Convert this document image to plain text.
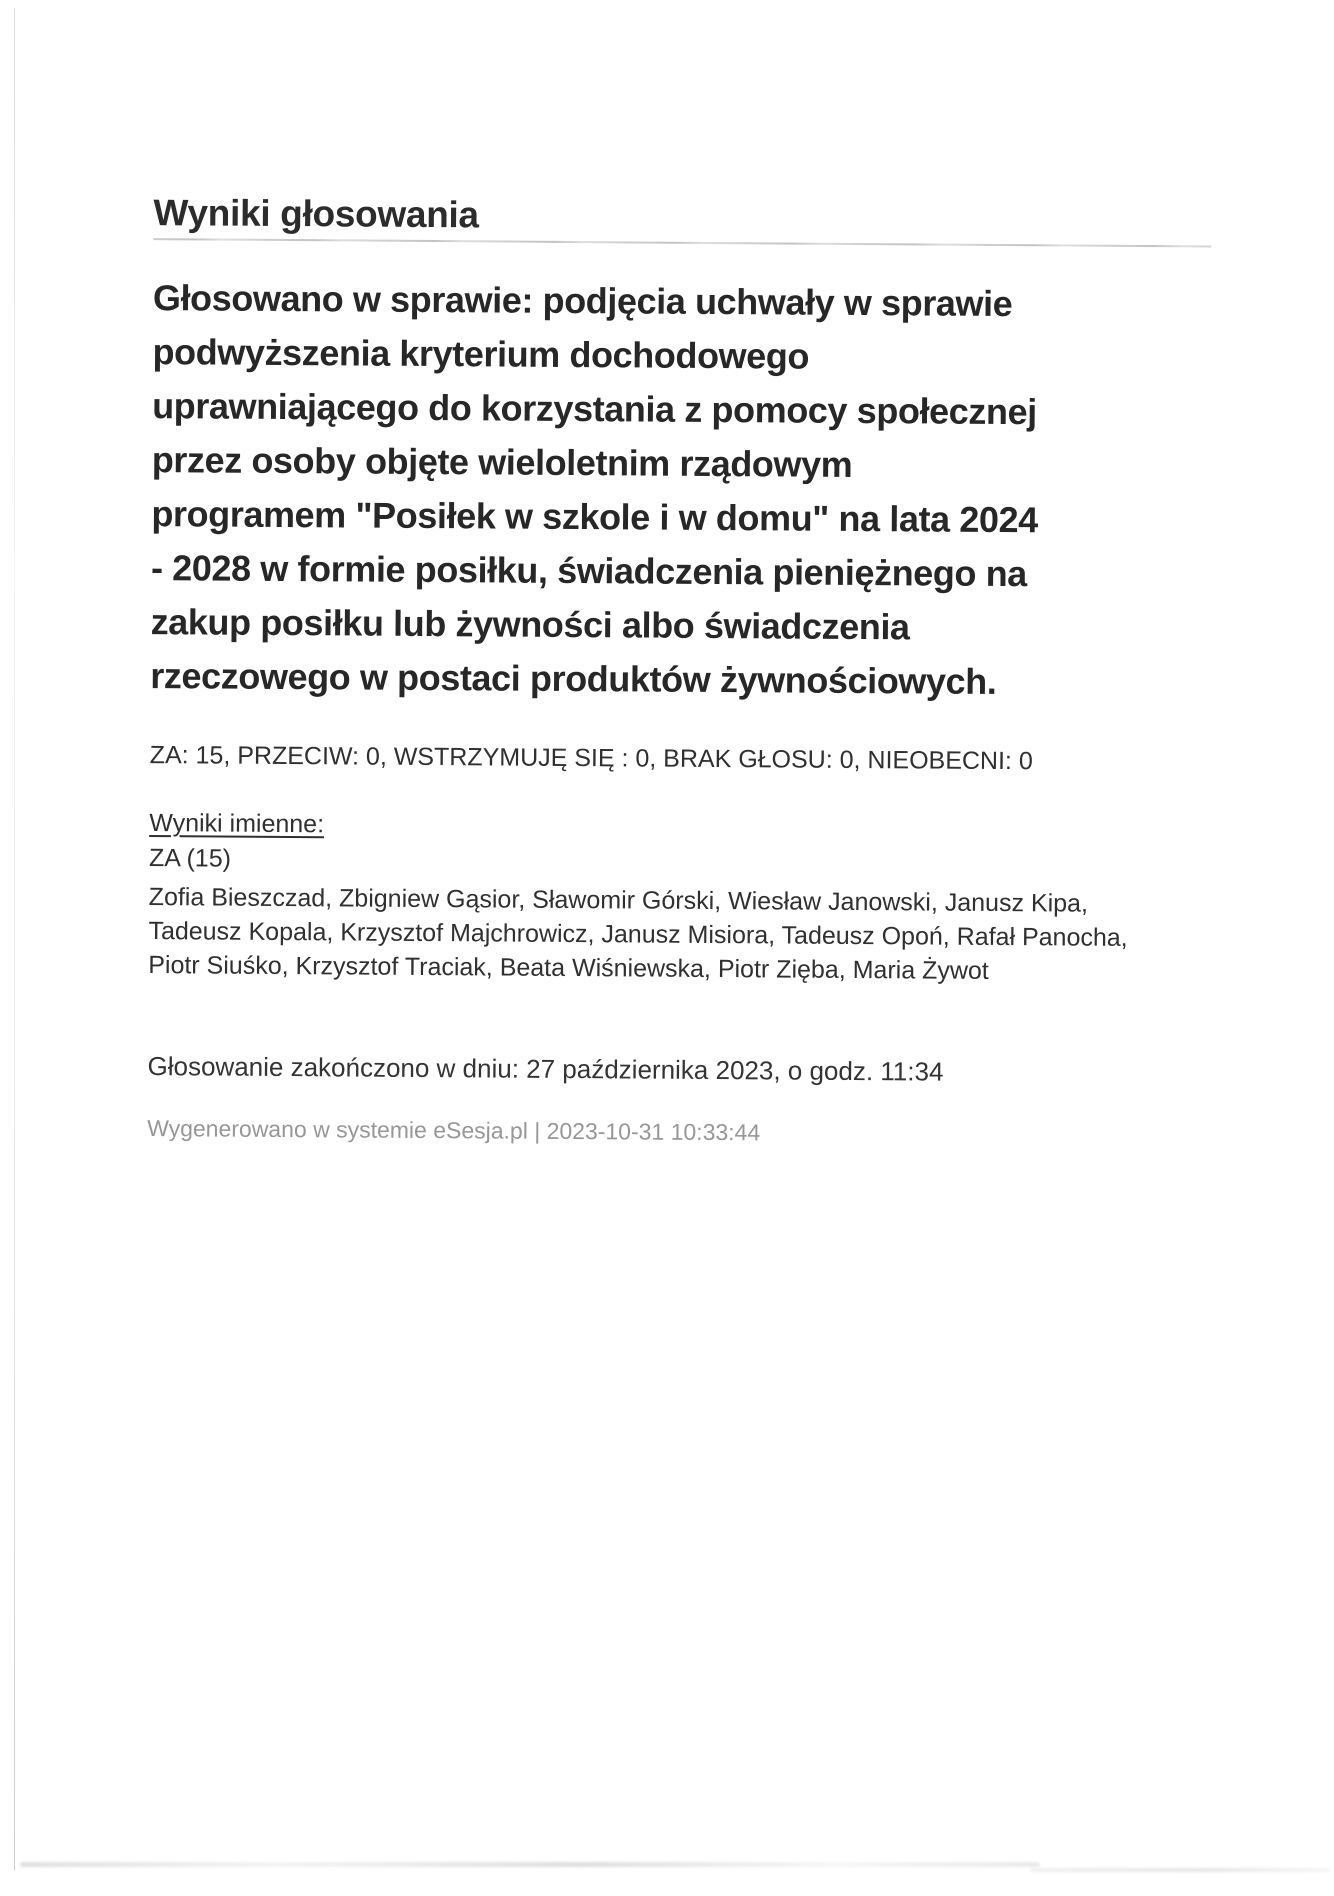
Wyniki głosowania
Głosowano w sprawie: podjęcia uchwały w sprawie
podwyższenia kryterium dochodowego
uprawniającego do korzystania z pomocy społecznej
przez osoby objęte wieloletnim rządowym
programem "Posiłek w szkole i w domu" na lata 2024
- 2028 w formie posiłku, świadczenia pieniężnego na
zakup posiłku lub żywności albo świadczenia
rzeczowego w postaci produktów żywnościowych.
ZA: 15, PRZECIW: 0, WSTRZYMUJĘ SIĘ : 0, BRAK GŁOSU: 0, NIEOBECNI: 0
Wyniki imienne:
ZA (15)
Zofia Bieszczad, Zbigniew Gąsior, Sławomir Górski, Wiesław Janowski, Janusz Kipa,
Tadeusz Kopala, Krzysztof Majchrowicz, Janusz Misiora, Tadeusz Opoń, Rafał Panocha,
Piotr Siuśko, Krzysztof Traciak, Beata Wiśniewska, Piotr Zięba, Maria Żywot
Głosowanie zakończono w dniu: 27 października 2023, o godz. 11:34
Wygenerowano w systemie eSesja.pl | 2023-10-31 10:33:44
